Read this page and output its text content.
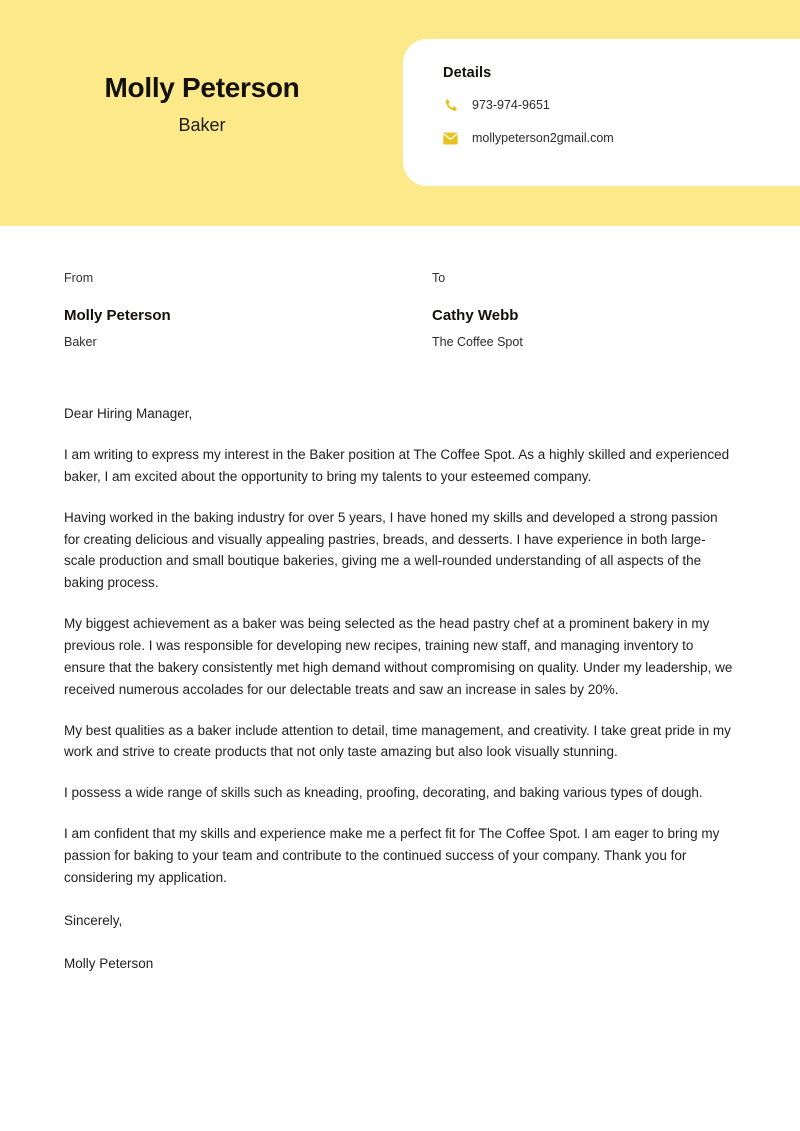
Molly Peterson
Baker
Details
973-974-9651
mollypeterson2gmail.com
From
Molly Peterson
Baker
To
Cathy Webb
The Coffee Spot
Dear Hiring Manager,

I am writing to express my interest in the Baker position at The Coffee Spot. As a highly skilled and experienced baker, I am excited about the opportunity to bring my talents to your esteemed company.

Having worked in the baking industry for over 5 years, I have honed my skills and developed a strong passion for creating delicious and visually appealing pastries, breads, and desserts. I have experience in both large-scale production and small boutique bakeries, giving me a well-rounded understanding of all aspects of the baking process.

My biggest achievement as a baker was being selected as the head pastry chef at a prominent bakery in my previous role. I was responsible for developing new recipes, training new staff, and managing inventory to ensure that the bakery consistently met high demand without compromising on quality. Under my leadership, we received numerous accolades for our delectable treats and saw an increase in sales by 20%.

My best qualities as a baker include attention to detail, time management, and creativity. I take great pride in my work and strive to create products that not only taste amazing but also look visually stunning.

I possess a wide range of skills such as kneading, proofing, decorating, and baking various types of dough.

I am confident that my skills and experience make me a perfect fit for The Coffee Spot. I am eager to bring my passion for baking to your team and contribute to the continued success of your company. Thank you for considering my application.

Sincerely,
Molly Peterson
